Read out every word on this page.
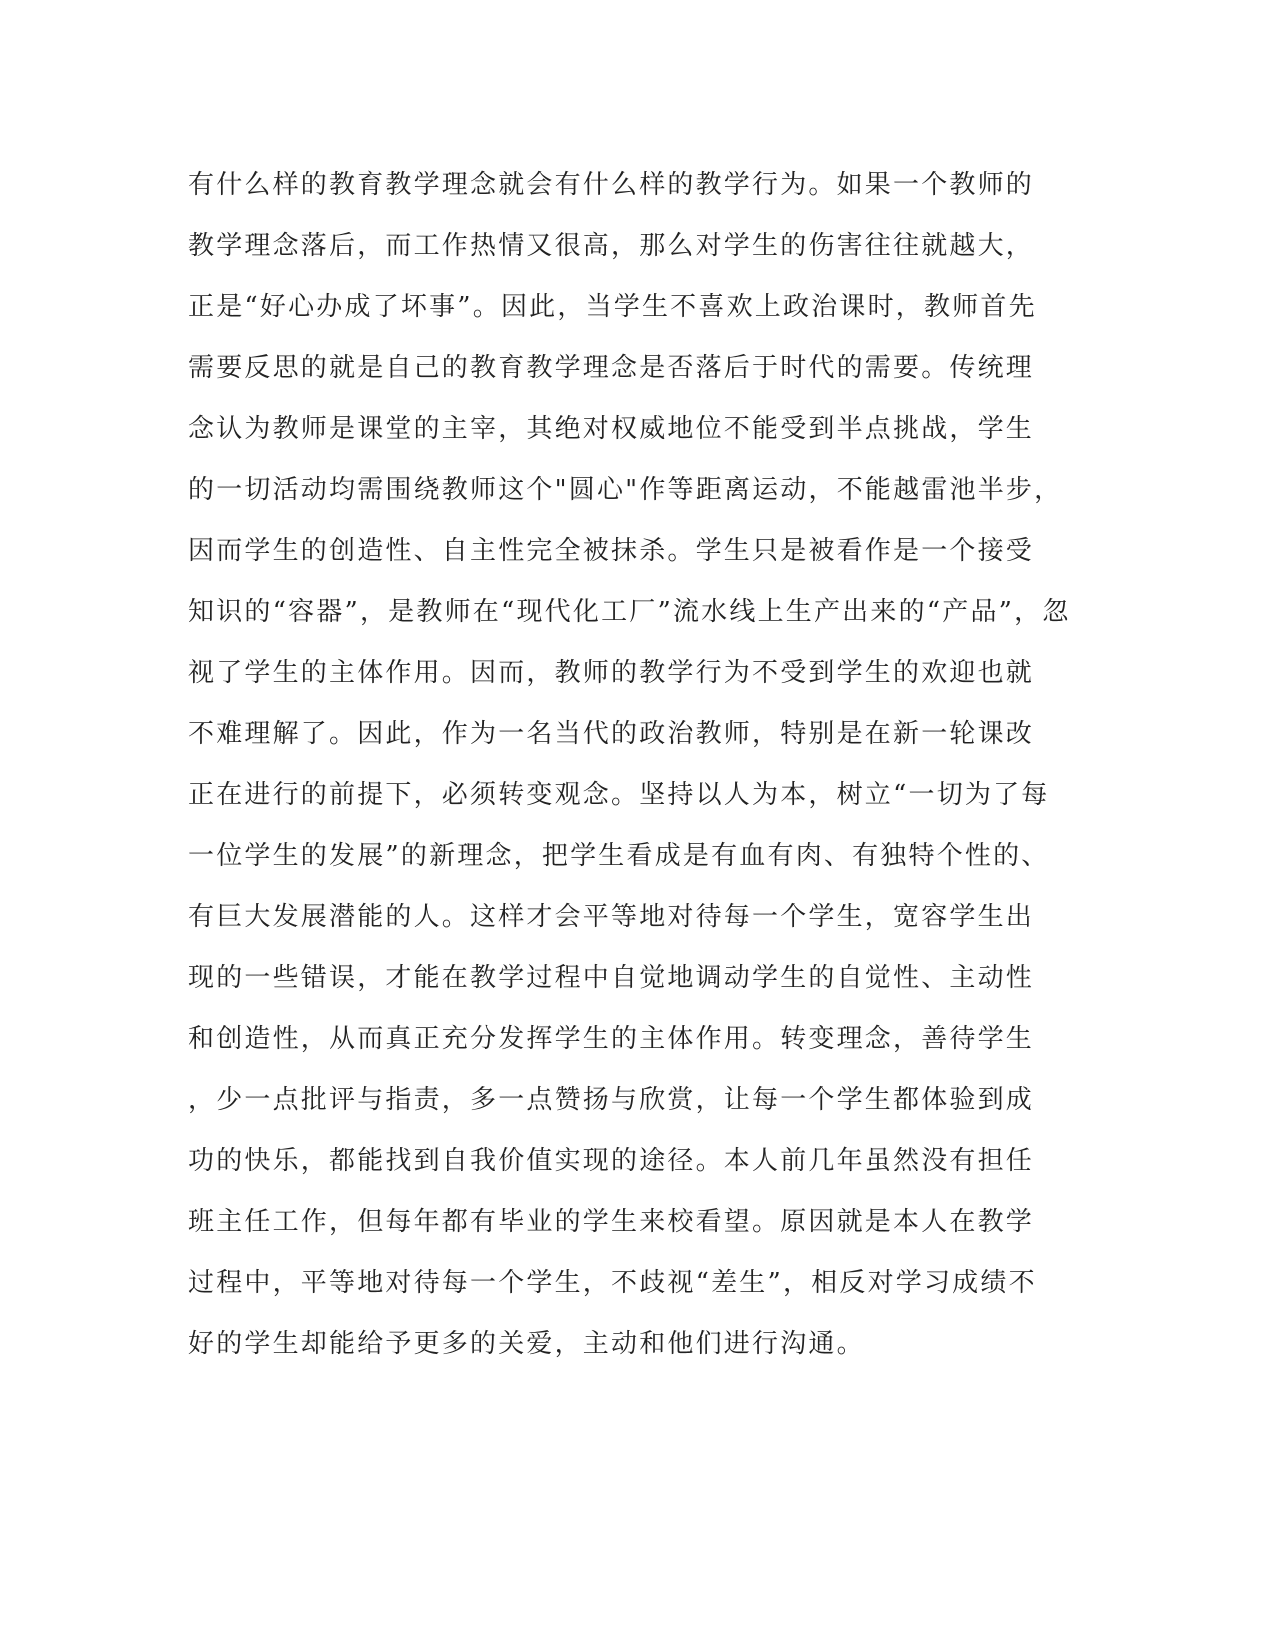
有什么样的教育教学理念就会有什么样的教学行为。如果一个教师的
教学理念落后，而工作热情又很高，那么对学生的伤害往往就越大，
正是“好心办成了坏事”。因此，当学生不喜欢上政治课时，教师首先
需要反思的就是自己的教育教学理念是否落后于时代的需要。传统理
念认为教师是课堂的主宰，其绝对权威地位不能受到半点挑战，学生
的一切活动均需围绕教师这个"圆心"作等距离运动，不能越雷池半步，
因而学生的创造性、自主性完全被抹杀。学生只是被看作是一个接受
知识的“容器”，是教师在“现代化工厂”流水线上生产出来的“产品”，忽
视了学生的主体作用。因而，教师的教学行为不受到学生的欢迎也就
不难理解了。因此，作为一名当代的政治教师，特别是在新一轮课改
正在进行的前提下，必须转变观念。坚持以人为本，树立“一切为了每
一位学生的发展”的新理念，把学生看成是有血有肉、有独特个性的、
有巨大发展潜能的人。这样才会平等地对待每一个学生，宽容学生出
现的一些错误，才能在教学过程中自觉地调动学生的自觉性、主动性
和创造性，从而真正充分发挥学生的主体作用。转变理念，善待学生
，少一点批评与指责，多一点赞扬与欣赏，让每一个学生都体验到成
功的快乐，都能找到自我价值实现的途径。本人前几年虽然没有担任
班主任工作，但每年都有毕业的学生来校看望。原因就是本人在教学
过程中，平等地对待每一个学生，不歧视“差生”，相反对学习成绩不
好的学生却能给予更多的关爱，主动和他们进行沟通。
